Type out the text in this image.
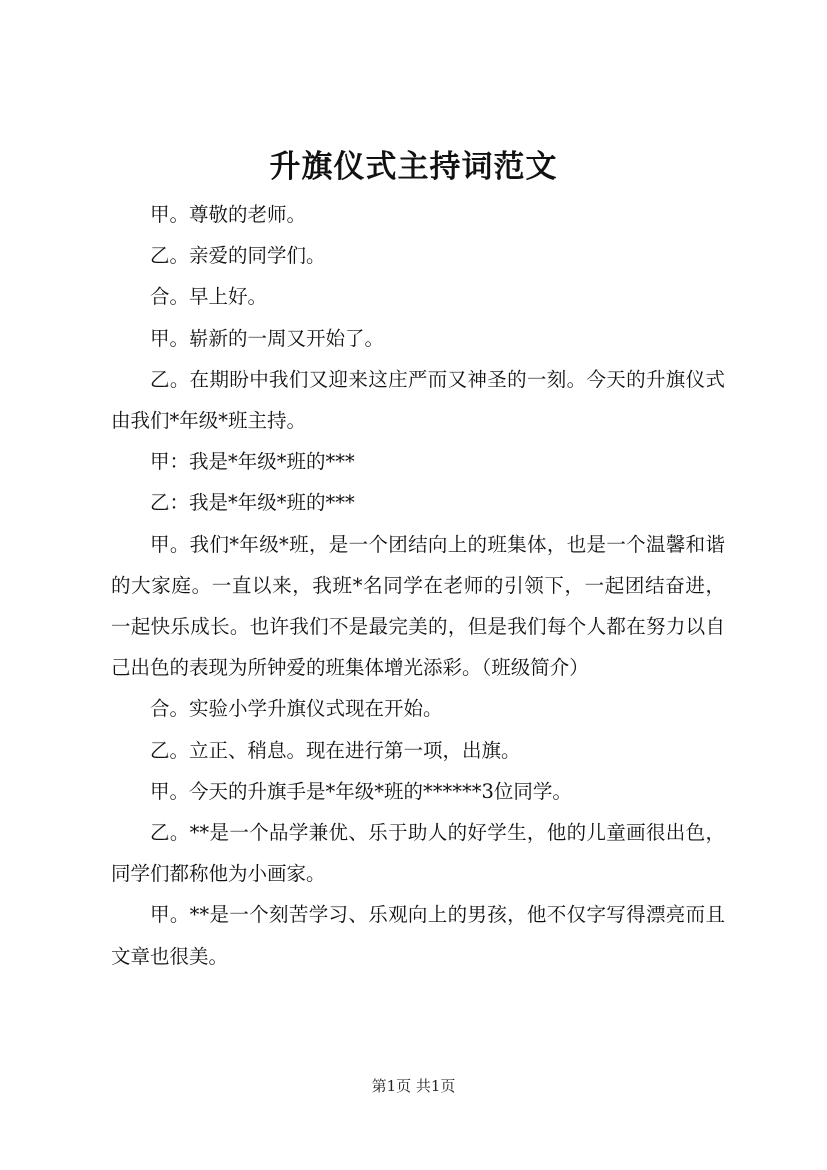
升旗仪式主持词范文

甲。尊敬的老师。

乙。亲爱的同学们。

合。早上好。

甲。崭新的一周又开始了。

乙。在期盼中我们又迎来这庄严而又神圣的一刻。今天的升旗仪式由我们*年级*班主持。

甲：我是*年级*班的***

乙：我是*年级*班的***

甲。我们*年级*班，是一个团结向上的班集体，也是一个温馨和谐的大家庭。一直以来，我班*名同学在老师的引领下，一起团结奋进，一起快乐成长。也许我们不是最完美的，但是我们每个人都在努力以自己出色的表现为所钟爱的班集体增光添彩。（班级简介）

合。实验小学升旗仪式现在开始。

乙。立正、稍息。现在进行第一项，出旗。

甲。今天的升旗手是*年级*班的******3位同学。

乙。**是一个品学兼优、乐于助人的好学生，他的儿童画很出色，同学们都称他为小画家。

甲。**是一个刻苦学习、乐观向上的男孩，他不仅字写得漂亮而且文章也很美。

第1页 共1页
